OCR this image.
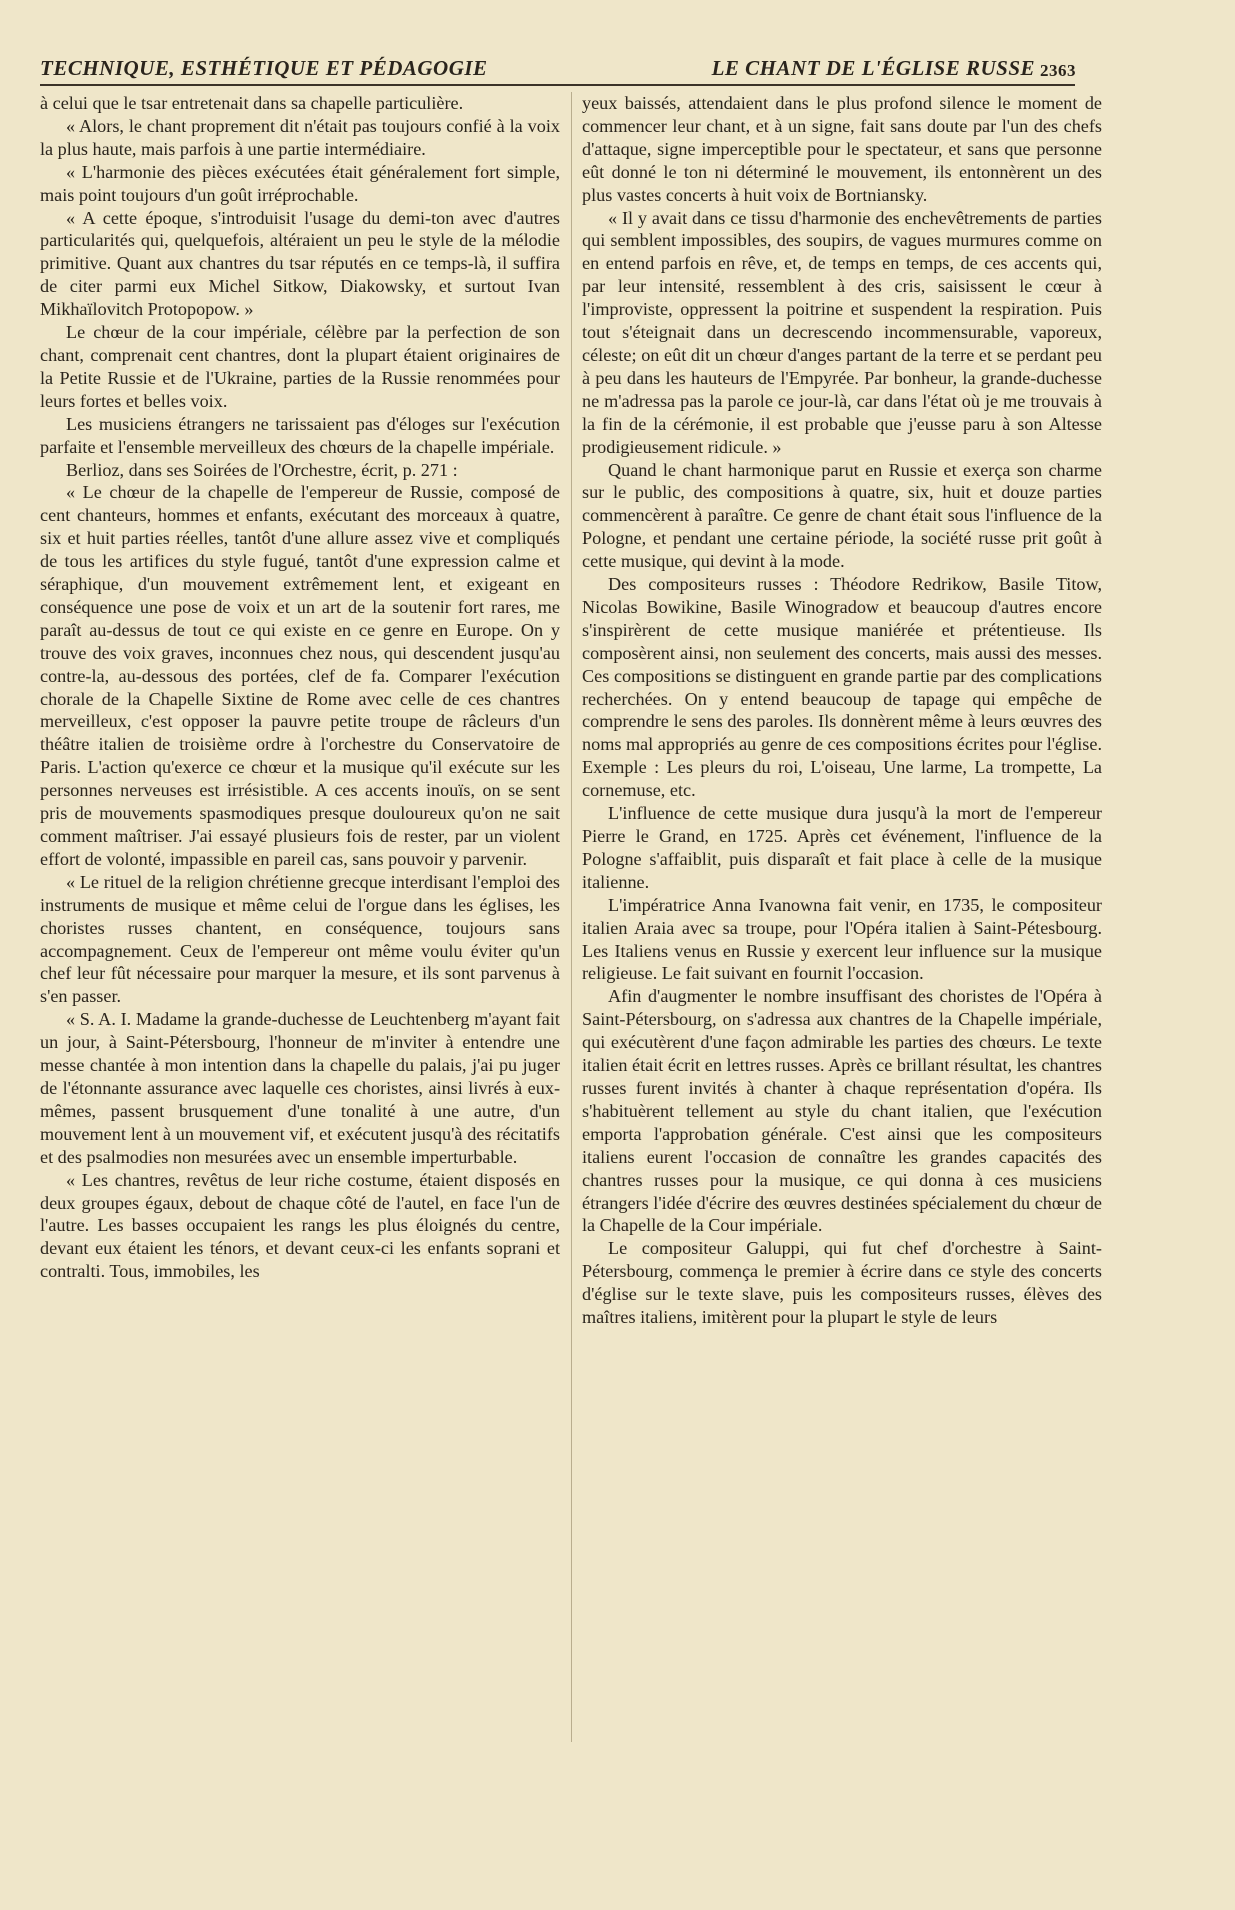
TECHNIQUE, ESTHÉTIQUE ET PÉDAGOGIE	LE CHANT DE L'ÉGLISE RUSSE 2363

à celui que le tsar entretenait dans sa chapelle particulière.

« Alors, le chant proprement dit n'était pas toujours confié à la voix la plus haute, mais parfois à une partie intermédiaire.

« L'harmonie des pièces exécutées était généralement fort simple, mais point toujours d'un goût irréprochable.

« A cette époque, s'introduisit l'usage du demi-ton avec d'autres particularités qui, quelquefois, altéraient un peu le style de la mélodie primitive. Quant aux chantres du tsar réputés en ce temps-là, il suffira de citer parmi eux Michel Sitkow, Diakowsky, et surtout Ivan Mikhaïlovitch Protopopow. »

Le chœur de la cour impériale, célèbre par la perfection de son chant, comprenait cent chantres, dont la plupart étaient originaires de la Petite Russie et de l'Ukraine, parties de la Russie renommées pour leurs fortes et belles voix.

Les musiciens étrangers ne tarissaient pas d'éloges sur l'exécution parfaite et l'ensemble merveilleux des chœurs de la chapelle impériale.

Berlioz, dans ses Soirées de l'Orchestre, écrit, p. 271 :

« Le chœur de la chapelle de l'empereur de Russie, composé de cent chanteurs, hommes et enfants, exécutant des morceaux à quatre, six et huit parties réelles, tantôt d'une allure assez vive et compliqués de tous les artifices du style fugué, tantôt d'une expression calme et séraphique, d'un mouvement extrêmement lent, et exigeant en conséquence une pose de voix et un art de la soutenir fort rares, me paraît au-dessus de tout ce qui existe en ce genre en Europe. On y trouve des voix graves, inconnues chez nous, qui descendent jusqu'au contre-la, au-dessous des portées, clef de fa. Comparer l'exécution chorale de la Chapelle Sixtine de Rome avec celle de ces chantres merveilleux, c'est opposer la pauvre petite troupe de râcleurs d'un théâtre italien de troisième ordre à l'orchestre du Conservatoire de Paris. L'action qu'exerce ce chœur et la musique qu'il exécute sur les personnes nerveuses est irrésistible. A ces accents inouïs, on se sent pris de mouvements spasmodiques presque douloureux qu'on ne sait comment maîtriser. J'ai essayé plusieurs fois de rester, par un violent effort de volonté, impassible en pareil cas, sans pouvoir y parvenir.

« Le rituel de la religion chrétienne grecque interdisant l'emploi des instruments de musique et même celui de l'orgue dans les églises, les choristes russes chantent, en conséquence, toujours sans accompagnement. Ceux de l'empereur ont même voulu éviter qu'un chef leur fût nécessaire pour marquer la mesure, et ils sont parvenus à s'en passer.

« S. A. I. Madame la grande-duchesse de Leuchtenberg m'ayant fait un jour, à Saint-Pétersbourg, l'honneur de m'inviter à entendre une messe chantée à mon intention dans la chapelle du palais, j'ai pu juger de l'étonnante assurance avec laquelle ces choristes, ainsi livrés à eux-mêmes, passent brusquement d'une tonalité à une autre, d'un mouvement lent à un mouvement vif, et exécutent jusqu'à des récitatifs et des psalmodies non mesurées avec un ensemble imperturbable.

« Les chantres, revêtus de leur riche costume, étaient disposés en deux groupes égaux, debout de chaque côté de l'autel, en face l'un de l'autre. Les basses occupaient les rangs les plus éloignés du centre, devant eux étaient les ténors, et devant ceux-ci les enfants soprani et contralti. Tous, immobiles, les

yeux baissés, attendaient dans le plus profond silence le moment de commencer leur chant, et à un signe, fait sans doute par l'un des chefs d'attaque, signe imperceptible pour le spectateur, et sans que personne eût donné le ton ni déterminé le mouvement, ils entonnèrent un des plus vastes concerts à huit voix de Bortniansky.

« Il y avait dans ce tissu d'harmonie des enchevêtrements de parties qui semblent impossibles, des soupirs, de vagues murmures comme on en entend parfois en rêve, et, de temps en temps, de ces accents qui, par leur intensité, ressemblent à des cris, saisissent le cœur à l'improviste, oppressent la poitrine et suspendent la respiration. Puis tout s'éteignait dans un decrescendo incommensurable, vaporeux, céleste; on eût dit un chœur d'anges partant de la terre et se perdant peu à peu dans les hauteurs de l'Empyrée. Par bonheur, la grande-duchesse ne m'adressa pas la parole ce jour-là, car dans l'état où je me trouvais à la fin de la cérémonie, il est probable que j'eusse paru à son Altesse prodigieusement ridicule. »

Quand le chant harmonique parut en Russie et exerça son charme sur le public, des compositions à quatre, six, huit et douze parties commencèrent à paraître. Ce genre de chant était sous l'influence de la Pologne, et pendant une certaine période, la société russe prit goût à cette musique, qui devint à la mode.

Des compositeurs russes : Théodore Redrikow, Basile Titow, Nicolas Bowikine, Basile Winogradow et beaucoup d'autres encore s'inspirèrent de cette musique maniérée et prétentieuse. Ils composèrent ainsi, non seulement des concerts, mais aussi des messes. Ces compositions se distinguent en grande partie par des complications recherchées. On y entend beaucoup de tapage qui empêche de comprendre le sens des paroles. Ils donnèrent même à leurs œuvres des noms mal appropriés au genre de ces compositions écrites pour l'église. Exemple : Les pleurs du roi, L'oiseau, Une larme, La trompette, La cornemuse, etc.

L'influence de cette musique dura jusqu'à la mort de l'empereur Pierre le Grand, en 1725. Après cet événement, l'influence de la Pologne s'affaiblit, puis disparaît et fait place à celle de la musique italienne.

L'impératrice Anna Ivanowna fait venir, en 1735, le compositeur italien Araia avec sa troupe, pour l'Opéra italien à Saint-Pétesbourg. Les Italiens venus en Russie y exercent leur influence sur la musique religieuse. Le fait suivant en fournit l'occasion.

Afin d'augmenter le nombre insuffisant des choristes de l'Opéra à Saint-Pétersbourg, on s'adressa aux chantres de la Chapelle impériale, qui exécutèrent d'une façon admirable les parties des chœurs. Le texte italien était écrit en lettres russes. Après ce brillant résultat, les chantres russes furent invités à chanter à chaque représentation d'opéra. Ils s'habituèrent tellement au style du chant italien, que l'exécution emporta l'approbation générale. C'est ainsi que les compositeurs italiens eurent l'occasion de connaître les grandes capacités des chantres russes pour la musique, ce qui donna à ces musiciens étrangers l'idée d'écrire des œuvres destinées spécialement du chœur de la Chapelle de la Cour impériale.

Le compositeur Galuppi, qui fut chef d'orchestre à Saint-Pétersbourg, commença le premier à écrire dans ce style des concerts d'église sur le texte slave, puis les compositeurs russes, élèves des maîtres italiens, imitèrent pour la plupart le style de leurs
